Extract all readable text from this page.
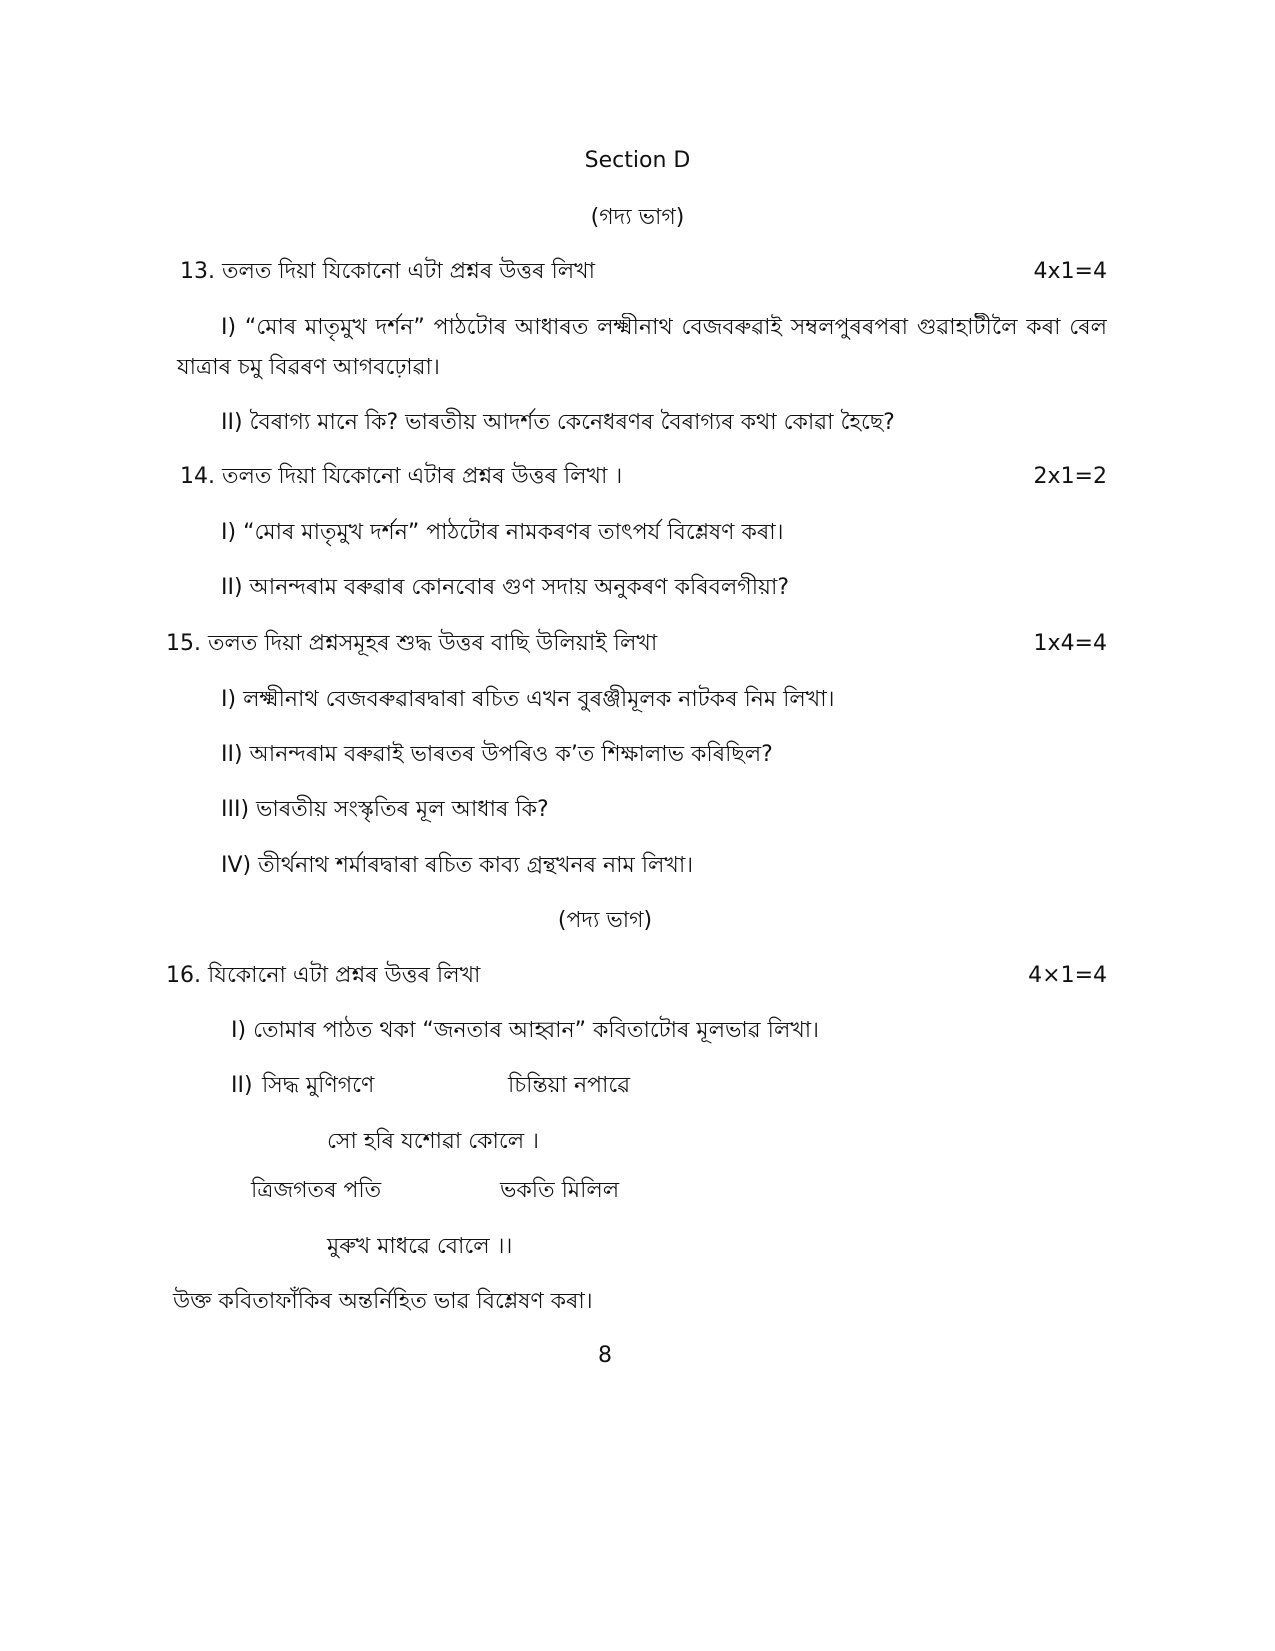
Section D
(গদ্য ভাগ)
13. তলত দিয়া যিকোনো এটা প্ৰশ্নৰ উত্তৰ লিখা	4x1=4
I) “মোৰ মাতৃমুখ দৰ্শন” পাঠটোৰ আধাৰত লক্ষ্মীনাথ বেজবৰুৱাই সম্বলপুৰৰপৰা গুৱাহাটীলৈ কৰা ৰেল
যাত্ৰাৰ চমু বিৱৰণ আগবঢ়োৱা।
II) বৈৰাগ্য মানে কি? ভাৰতীয় আদৰ্শত কেনেধৰণৰ বৈৰাগ্যৰ কথা কোৱা হৈছে?
14. তলত দিয়া যিকোনো এটাৰ প্ৰশ্নৰ উত্তৰ লিখা ।	2x1=2
I) “মোৰ মাতৃমুখ দৰ্শন” পাঠটোৰ নামকৰণৰ তাৎপৰ্য বিশ্লেষণ কৰা।
II) আনন্দৰাম বৰুৱাৰ কোনবোৰ গুণ সদায় অনুকৰণ কৰিবলগীয়া?
15. তলত দিয়া প্ৰশ্নসমূহৰ শুদ্ধ উত্তৰ বাছি উলিয়াই লিখা	1x4=4
I) লক্ষ্মীনাথ বেজবৰুৱাৰদ্বাৰা ৰচিত এখন বুৰঞ্জীমূলক নাটকৰ নিম লিখা।
II) আনন্দৰাম বৰুৱাই ভাৰতৰ উপৰিও ক’ত শিক্ষালাভ কৰিছিল?
III) ভাৰতীয় সংস্কৃতিৰ মূল আধাৰ কি?
IV) তীৰ্থনাথ শৰ্মাৰদ্বাৰা ৰচিত কাব্য গ্ৰন্থখনৰ নাম লিখা।
(পদ্য ভাগ)
16. যিকোনো এটা প্ৰশ্নৰ উত্তৰ লিখা	4×1=4
I) তোমাৰ পাঠত থকা “জনতাৰ আহ্বান” কবিতাটোৰ মূলভাৱ লিখা।
II) সিদ্ধ মুণিগণে	চিন্তিয়া নপাৱে
সো হৰি যশোৱা কোলে ।
ত্ৰিজগতৰ পতি	ভকতি মিলিল
মুৰুখ মাধৱে বোলে ।।
উক্ত কবিতাফাঁকিৰ অন্তৰ্নিহিত ভাৱ বিশ্লেষণ কৰা।
8
